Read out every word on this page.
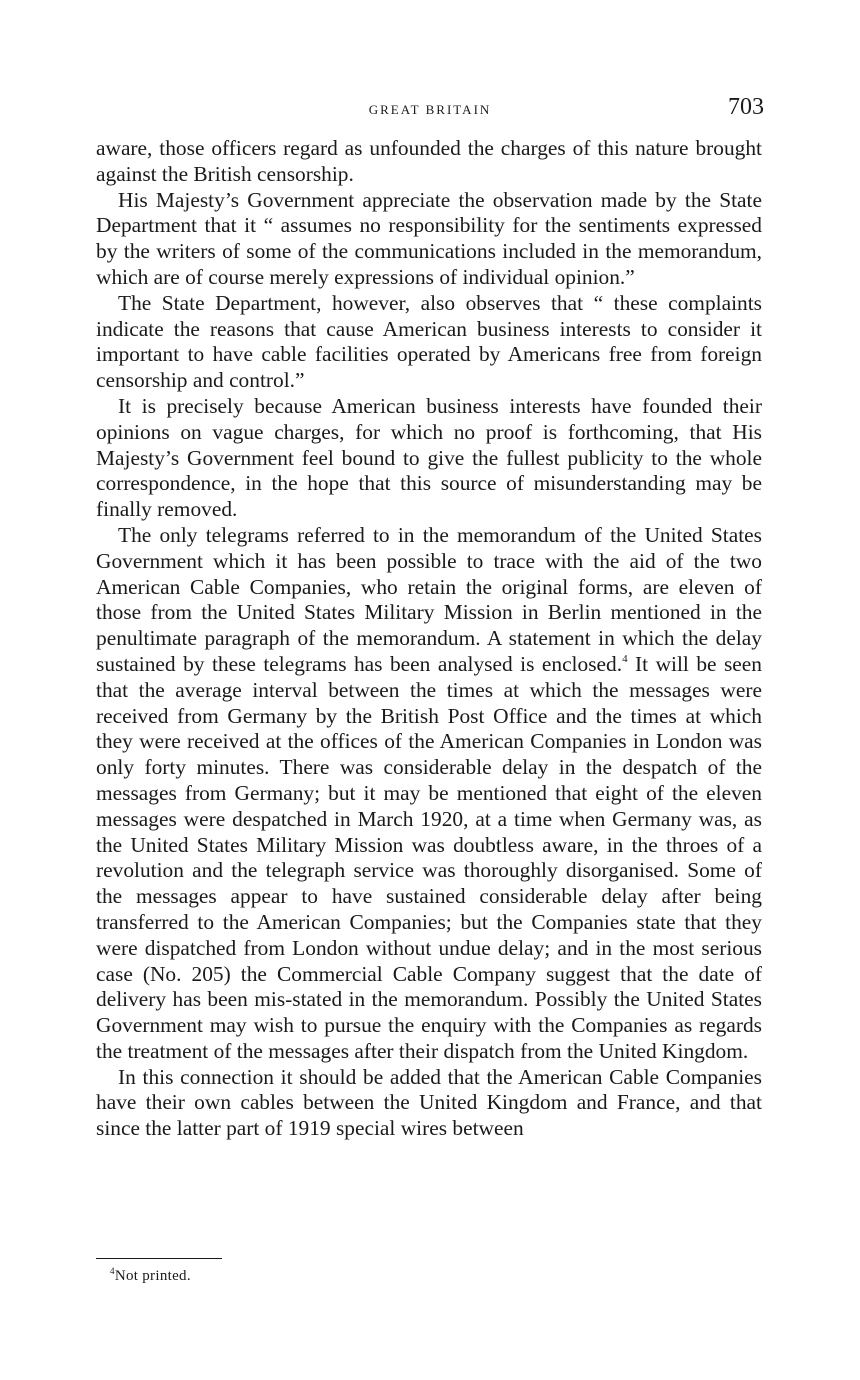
GREAT BRITAIN	703

aware, those officers regard as unfounded the charges of this nature brought against the British censorship.

His Majesty’s Government appreciate the observation made by the State Department that it “ assumes no responsibility for the sentiments expressed by the writers of some of the communications included in the memorandum, which are of course merely expressions of individual opinion.”

The State Department, however, also observes that “ these complaints indicate the reasons that cause American business interests to consider it important to have cable facilities operated by Americans free from foreign censorship and control.”

It is precisely because American business interests have founded their opinions on vague charges, for which no proof is forthcoming, that His Majesty’s Government feel bound to give the fullest publicity to the whole correspondence, in the hope that this source of misunderstanding may be finally removed.

The only telegrams referred to in the memorandum of the United States Government which it has been possible to trace with the aid of the two American Cable Companies, who retain the original forms, are eleven of those from the United States Military Mission in Berlin mentioned in the penultimate paragraph of the memorandum. A statement in which the delay sustained by these telegrams has been analysed is enclosed.$^4$ It will be seen that the average interval between the times at which the messages were received from Germany by the British Post Office and the times at which they were received at the offices of the American Companies in London was only forty minutes. There was considerable delay in the despatch of the messages from Germany; but it may be mentioned that eight of the eleven messages were despatched in March 1920, at a time when Germany was, as the United States Military Mission was doubtless aware, in the throes of a revolution and the telegraph service was thoroughly disorganised. Some of the messages appear to have sustained considerable delay after being transferred to the American Companies; but the Companies state that they were dispatched from London without undue delay; and in the most serious case (No. 205) the Commercial Cable Company suggest that the date of delivery has been mis-stated in the memorandum. Possibly the United States Government may wish to pursue the enquiry with the Companies as regards the treatment of the messages after their dispatch from the United Kingdom.

In this connection it should be added that the American Cable Companies have their own cables between the United Kingdom and France, and that since the latter part of 1919 special wires between

$^4$Not printed.
